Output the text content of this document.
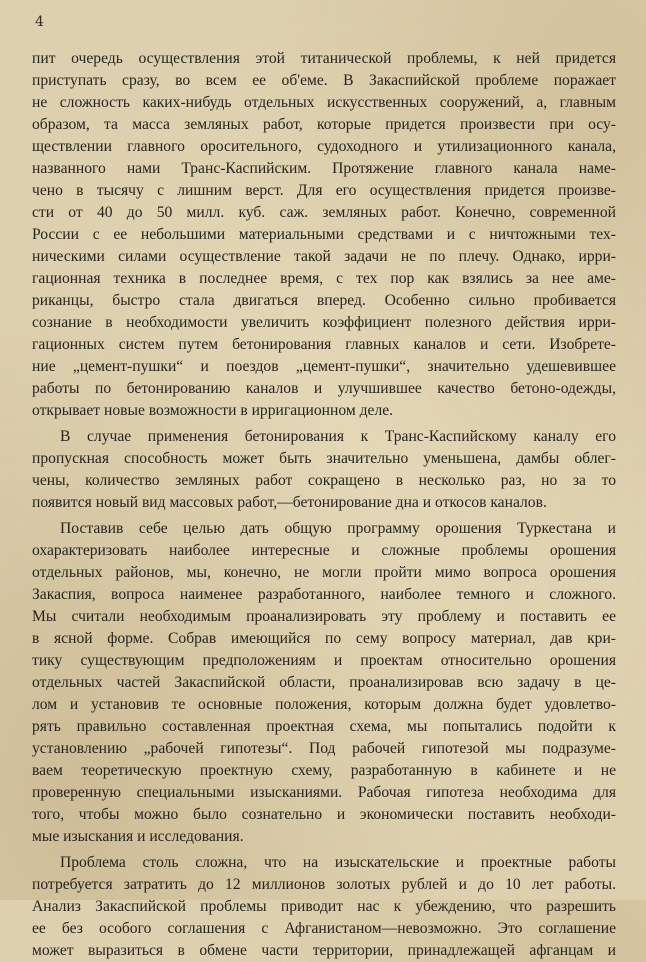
4
пит очередь осуществления этой титанической проблемы, к ней придется
приступать сразу, во всем ее об'еме. В Закаспийской проблеме поражает
не сложность каких-нибудь отдельных искусственных сооружений, а, главным
образом, та масса земляных работ, которые придется произвести при осу-
ществлении главного оросительного, судоходного и утилизационного канала,
названного нами Транс-Каспийским. Протяжение главного канала наме-
чено в тысячу с лишним верст. Для его осуществления придется произве-
сти от 40 до 50 милл. куб. саж. земляных работ. Конечно, современной
России с ее небольшими материальными средствами и с ничтожными тех-
ническими силами осуществление такой задачи не по плечу. Однако, ирри-
гационная техника в последнее время, с тех пор как взялись за нее аме-
риканцы, быстро стала двигаться вперед. Особенно сильно пробивается
сознание в необходимости увеличить коэффициент полезного действия ирри-
гационных систем путем бетонирования главных каналов и сети. Изобрете-
ние „цемент-пушки“ и поездов „цемент-пушки“, значительно удешевившее
работы по бетонированию каналов и улучшившее качество бетоно-одежды,
открывает новые возможности в ирригационном деле.
В случае применения бетонирования к Транс-Каспийскому каналу его
пропускная способность может быть значительно уменьшена, дамбы облег-
чены, количество земляных работ сокращено в несколько раз, но за то
появится новый вид массовых работ,—бетонирование дна и откосов каналов.
Поставив себе целью дать общую программу орошения Туркестана и
охарактеризовать наиболее интересные и сложные проблемы орошения
отдельных районов, мы, конечно, не могли пройти мимо вопроса орошения
Закаспия, вопроса наименее разработанного, наиболее темного и сложного.
Мы считали необходимым проанализировать эту проблему и поставить ее
в ясной форме. Собрав имеющийся по сему вопросу материал, дав кри-
тику существующим предположениям и проектам относительно орошения
отдельных частей Закаспийской области, проанализировав всю задачу в це-
лом и установив те основные положения, которым должна будет удовлетво-
рять правильно составленная проектная схема, мы попытались подойти к
установлению „рабочей гипотезы“. Под рабочей гипотезой мы подразуме-
ваем теоретическую проектную схему, разработанную в кабинете и не
проверенную специальными изысканиями. Рабочая гипотеза необходима для
того, чтобы можно было сознательно и экономически поставить необходи-
мые изыскания и исследования.
Проблема столь сложна, что на изыскательские и проектные работы
потребуется затратить до 12 миллионов золотых рублей и до 10 лет работы.
Анализ Закаспийской проблемы приводит нас к убеждению, что разрешить
ее без особого соглашения с Афганистаном—невозможно. Это соглашение
может выразиться в обмене части территории, принадлежащей афганцам и
